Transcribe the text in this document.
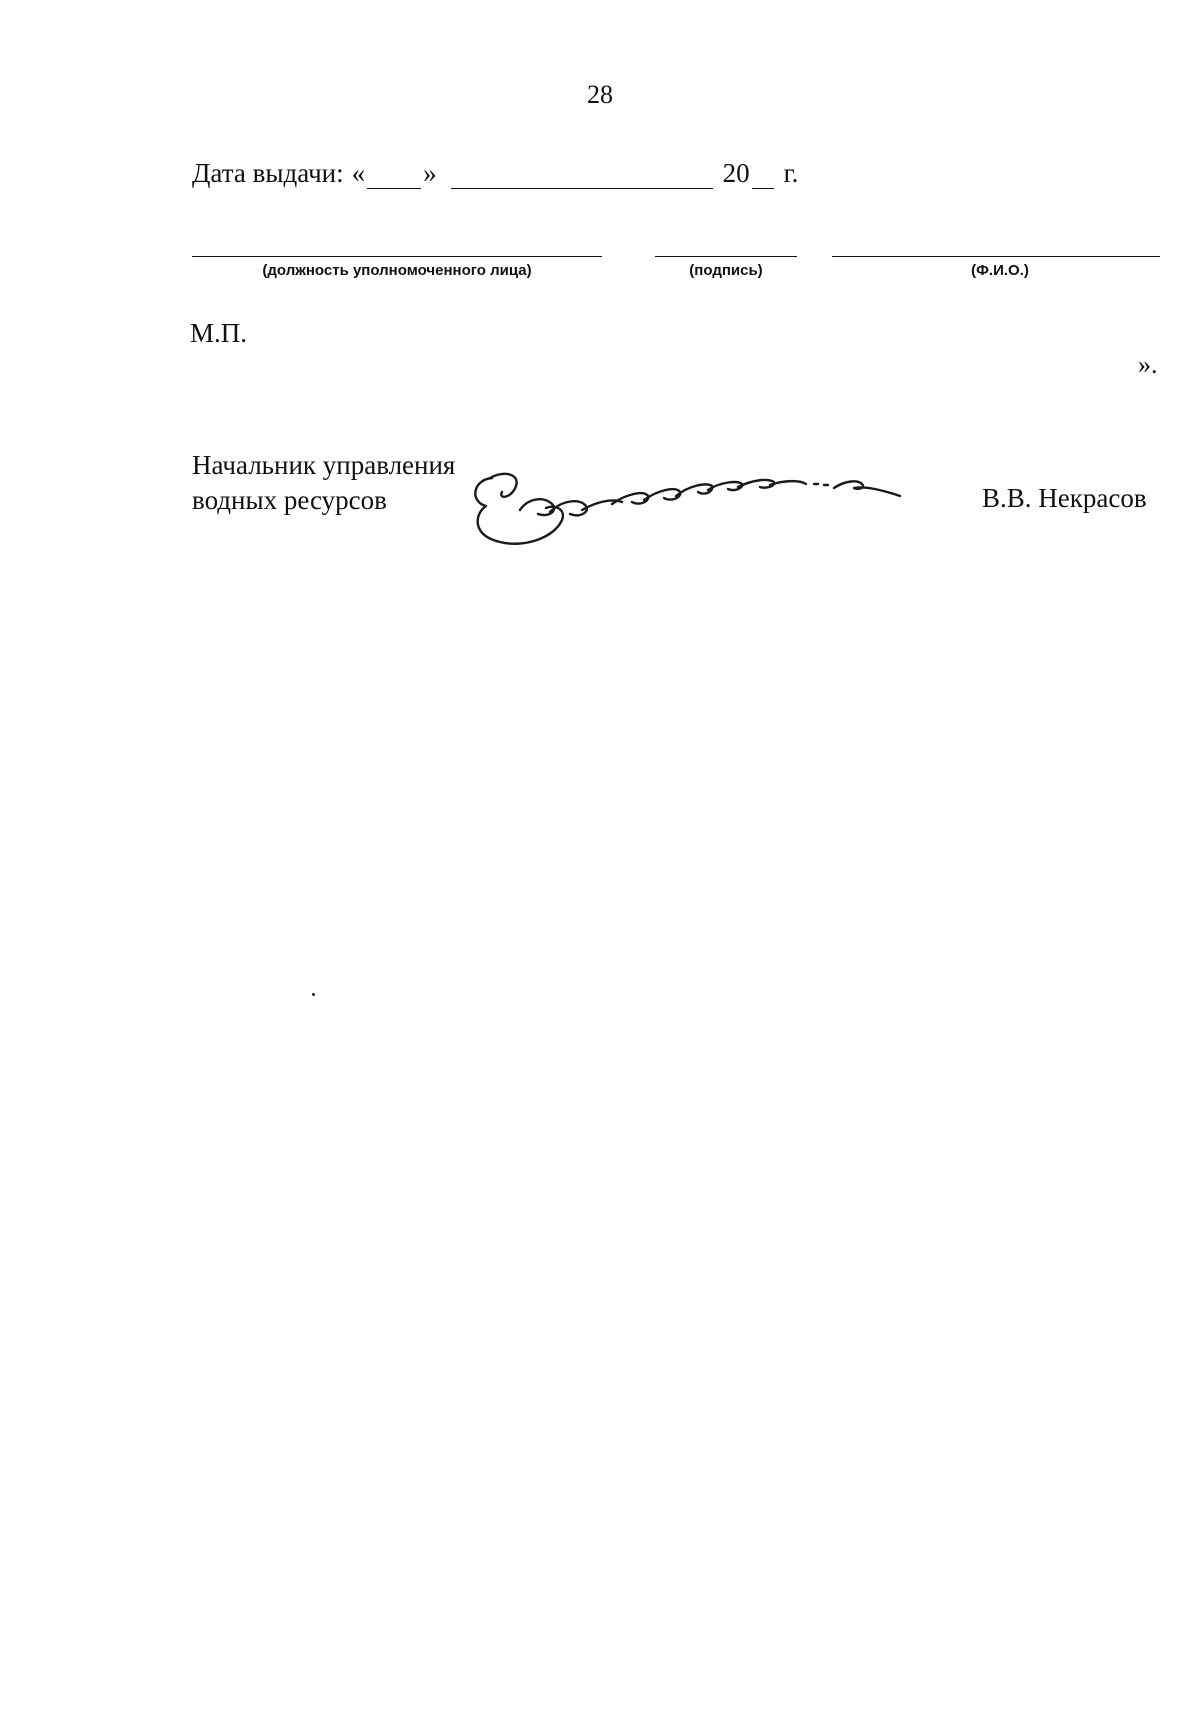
28
Дата выдачи: « »	20 г.
(должность уполномоченного лица)	(подпись)	(Ф.И.О.)
М.П.
».
Начальник управления
водных ресурсов	В.В. Некрасов
